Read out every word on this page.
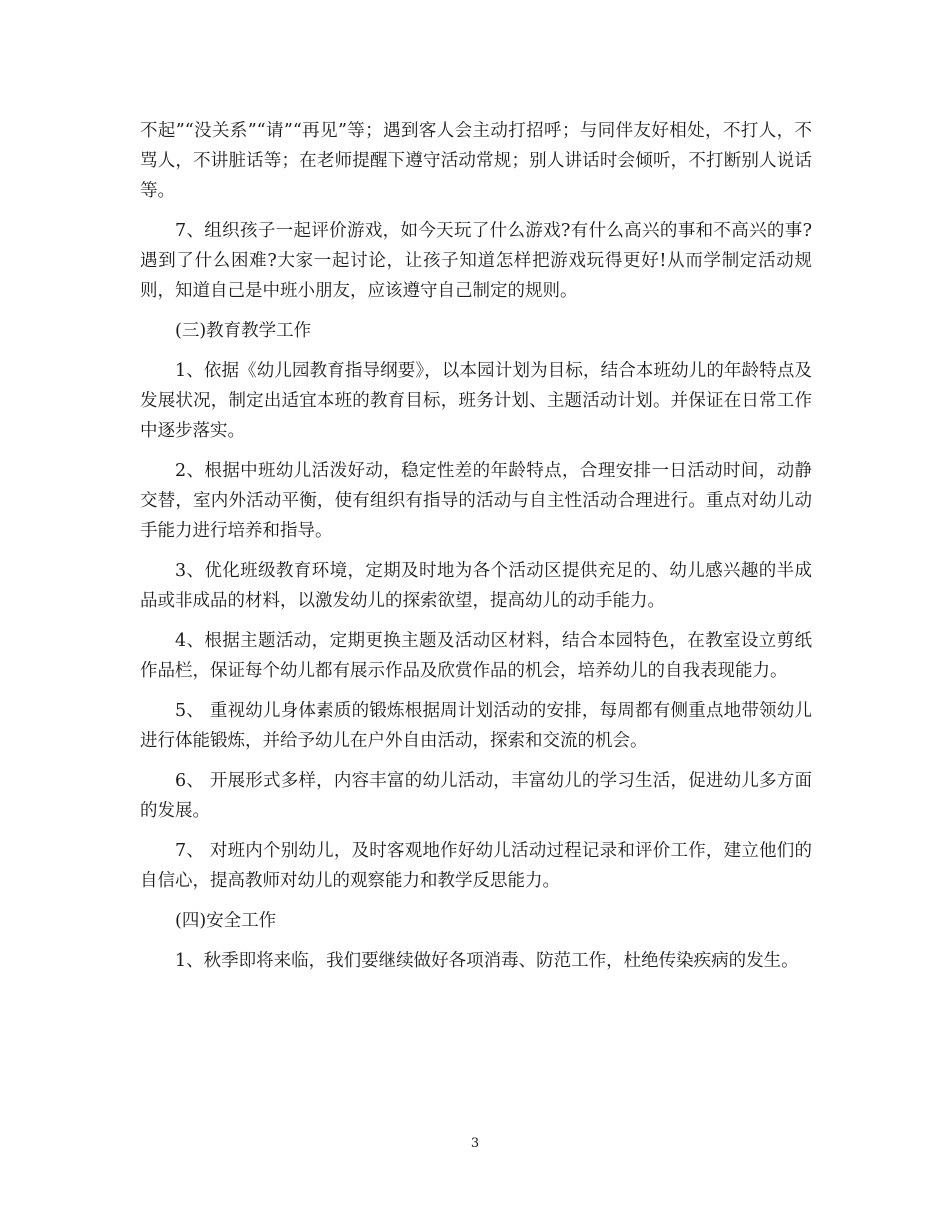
不起”“没关系”“请”“再见”等；遇到客人会主动打招呼；与同伴友好相处，不打人，不骂人，不讲脏话等；在老师提醒下遵守活动常规；别人讲话时会倾听，不打断别人说话等。

7、组织孩子一起评价游戏，如今天玩了什么游戏?有什么高兴的事和不高兴的事?遇到了什么困难?大家一起讨论，让孩子知道怎样把游戏玩得更好!从而学制定活动规则，知道自己是中班小朋友，应该遵守自己制定的规则。

(三)教育教学工作

1、依据《幼儿园教育指导纲要》，以本园计划为目标，结合本班幼儿的年龄特点及发展状况，制定出适宜本班的教育目标，班务计划、主题活动计划。并保证在日常工作中逐步落实。

2、根据中班幼儿活泼好动，稳定性差的年龄特点，合理安排一日活动时间，动静交替，室内外活动平衡，使有组织有指导的活动与自主性活动合理进行。重点对幼儿动手能力进行培养和指导。

3、优化班级教育环境，定期及时地为各个活动区提供充足的、幼儿感兴趣的半成品或非成品的材料，以激发幼儿的探索欲望，提高幼儿的动手能力。

4、根据主题活动，定期更换主题及活动区材料，结合本园特色，在教室设立剪纸作品栏，保证每个幼儿都有展示作品及欣赏作品的机会，培养幼儿的自我表现能力。

5、 重视幼儿身体素质的锻炼根据周计划活动的安排，每周都有侧重点地带领幼儿进行体能锻炼，并给予幼儿在户外自由活动，探索和交流的机会。

6、 开展形式多样，内容丰富的幼儿活动，丰富幼儿的学习生活，促进幼儿多方面的发展。

7、 对班内个别幼儿，及时客观地作好幼儿活动过程记录和评价工作，建立他们的自信心，提高教师对幼儿的观察能力和教学反思能力。

(四)安全工作

1、秋季即将来临，我们要继续做好各项消毒、防范工作，杜绝传染疾病的发生。

3
